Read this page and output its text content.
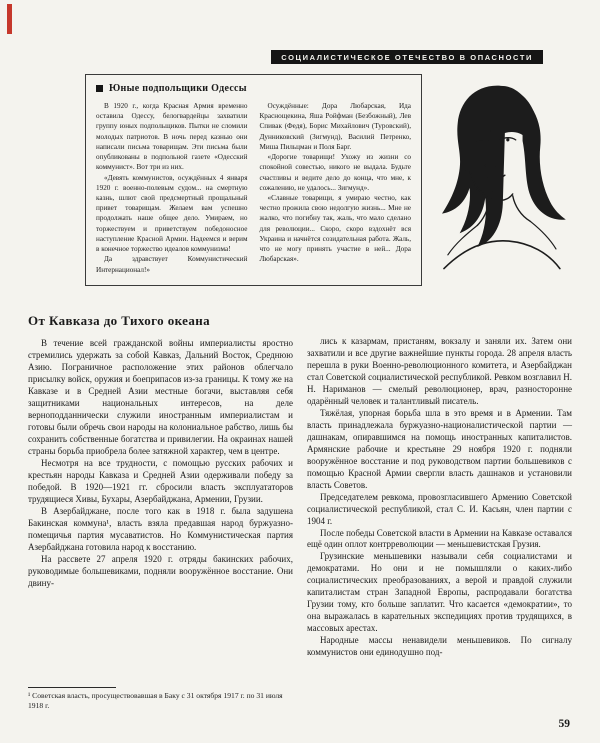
СОЦИАЛИСТИЧЕСКОЕ ОТЕЧЕСТВО В ОПАСНОСТИ
Юные подпольщики Одессы

В 1920 г., когда Красная Армия временно оставила Одессу, белогвардейцы захватили группу юных подпольщиков. Пытки не сломили молодых патриотов. В ночь перед казнью они написали письма товарищам. Эти письма были опубликованы в подпольной газете «Одесский коммунист». Вот три из них.

«Девять коммунистов, осуждённых 4 января 1920 г. военно-полевым судом... на смертную казнь, шлют свой предсмертный прощальный привет товарищам. Желаем вам успешно продолжать наше общее дело. Умираем, но торжествуем и приветствуем победоносное наступление Красной Армии. Надеемся и верим в конечное торжество идеалов коммунизма!

Да здравствует Коммунистический Интернационал!»

Осуждённые: Дора Любарская, Ида Краснощекина, Яша Ройфман (Безбожный), Лев Спивак (Федя), Борис Михайлович (Туровский), Дунниковский (Зигмунд), Василий Петренко, Миша Пильцман и Поля Барг.

«Дорогие товарищи! Ухожу из жизни со спокойной совестью, никого не выдала. Будьте счастливы и ведите дело до конца, что мне, к сожалению, не удалось... Зигмунд».

«Славные товарищи, я умираю честно, как честно прожила свою недолгую жизнь... Мне не жалко, что погибну так, жаль, что мало сделано для революции... Скоро, скоро вздохнёт вся Украина и начнётся созидательная работа. Жаль, что не могу принять участие в ней... Дора Любарская».

От Кавказа до Тихого океана

В течение всей гражданской войны империалисты яростно стремились удержать за собой Кавказ, Дальний Восток, Среднюю Азию. Пограничное расположение этих районов облегчало присылку войск, оружия и боеприпасов из-за границы. К тому же на Кавказе и в Средней Азии местные богачи, выставляя себя защитниками национальных интересов, на деле верноподданнически служили иностранным империалистам и готовы были обречь свои народы на колониальное рабство, лишь бы сохранить собственные богатства и привилегии. На окраинах нашей страны борьба приобрела более затяжной характер, чем в центре.

Несмотря на все трудности, с помощью русских рабочих и крестьян народы Кавказа и Средней Азии одерживали победу за победой. В 1920—1921 гг. сбросили власть эксплуататоров трудящиеся Хивы, Бухары, Азербайджана, Армении, Грузии.

В Азербайджане, после того как в 1918 г. была задушена Бакинская коммуна¹, власть взяла предавшая народ буржуазно-помещичья партия мусаватистов. Но Коммунистическая партия Азербайджана готовила народ к восстанию.

На рассвете 27 апреля 1920 г. отряды бакинских рабочих, руководимые большевиками, подняли вооружённое восстание. Они двину-

¹ Советская власть, просуществовавшая в Баку с 31 октября 1917 г. по 31 июля 1918 г.

лись к казармам, пристаням, вокзалу и заняли их. Затем они захватили и все другие важнейшие пункты города. 28 апреля власть перешла в руки Военно-революционного комитета, и Азербайджан стал Советской социалистической республикой. Ревком возглавил Н. Н. Нариманов — смелый революционер, врач, разносторонне одарённый человек и талантливый писатель.

Тяжёлая, упорная борьба шла в это время и в Армении. Там власть принадлежала буржуазно-националистической партии — дашнакам, опиравшимся на помощь иностранных капиталистов. Армянские рабочие и крестьяне 29 ноября 1920 г. подняли вооружённое восстание и под руководством партии большевиков с помощью Красной Армии свергли власть дашнаков и установили власть Советов.

Председателем ревкома, провозгласившего Армению Советской социалистической республикой, стал С. И. Касьян, член партии с 1904 г.

После победы Советской власти в Армении на Кавказе оставался ещё один оплот контрреволюции — меньшевистская Грузия.

Грузинские меньшевики называли себя социалистами и демократами. Но они и не помышляли о каких-либо социалистических преобразованиях, а верой и правдой служили капиталистам стран Западной Европы, распродавали богатства Грузии тому, кто больше заплатит. Что касается «демократии», то она выражалась в карательных экспедициях против трудящихся, в массовых арестах.

Народные массы ненавидели меньшевиков. По сигналу коммунистов они единодушно под-

59
